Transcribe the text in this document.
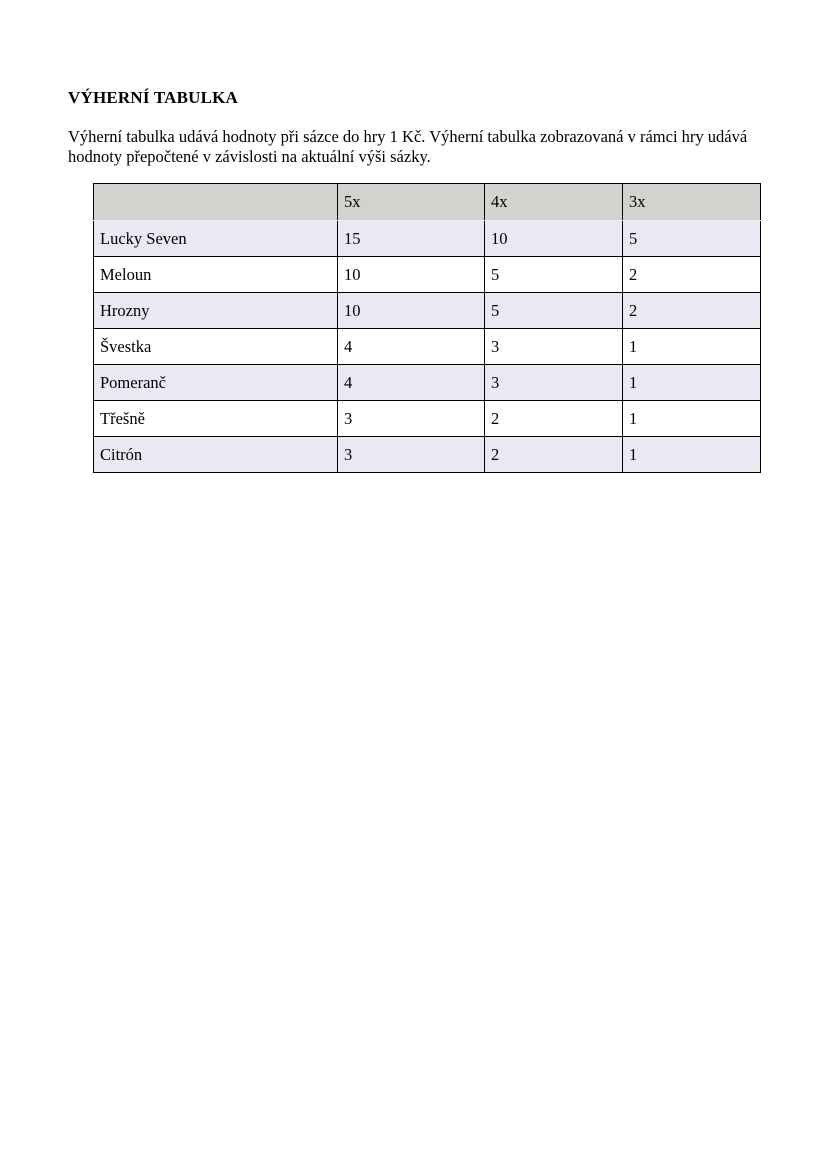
VÝHERNÍ TABULKA
Výherní tabulka udává hodnoty při sázce do hry 1 Kč. Výherní tabulka zobrazovaná v rámci hry udává hodnoty přepočtené v závislosti na aktuální výši sázky.
	5x	4x	3x
Lucky Seven	15	10	5
Meloun	10	5	2
Hrozny	10	5	2
Švestka	4	3	1
Pomeranč	4	3	1
Třešně	3	2	1
Citrón	3	2	1
